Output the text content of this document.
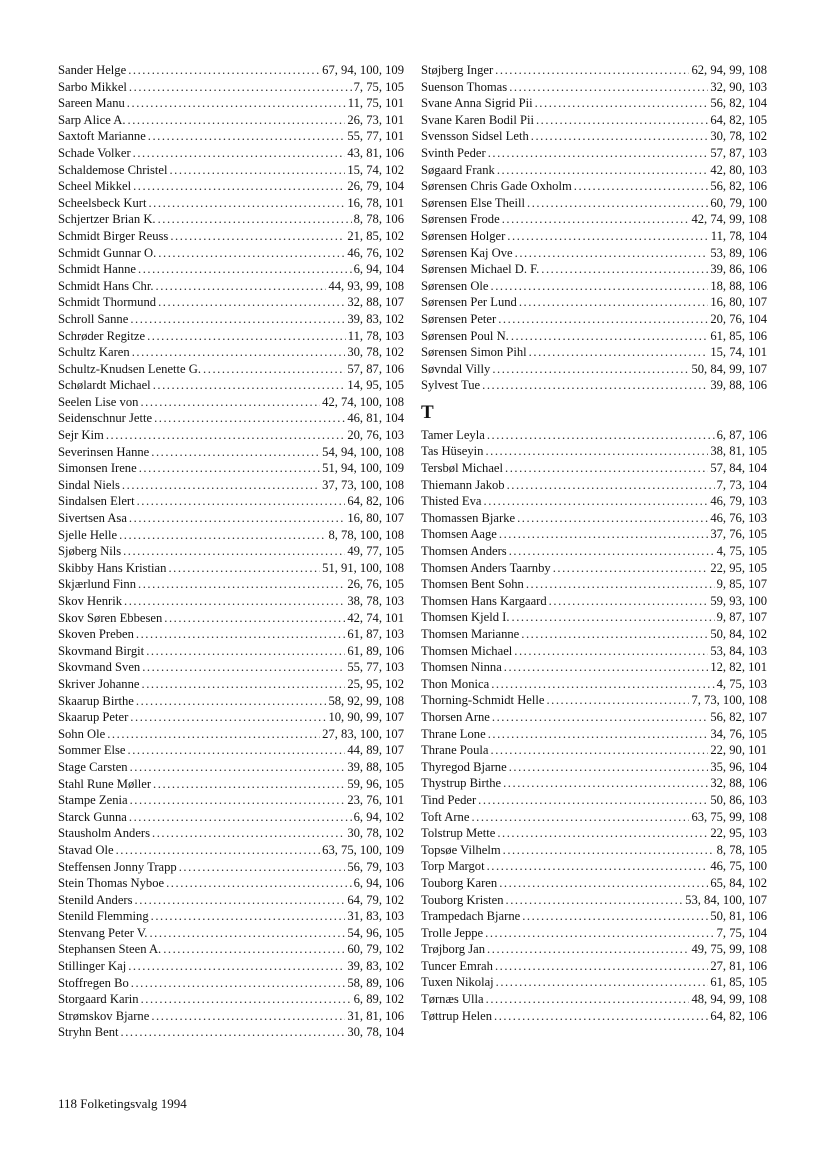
Sander Helge . . .	67, 94, 100, 109
Sarbo Mikkel . . .	7, 75, 105
Sareen Manu . . .	11, 75, 101
Sarp Alice A. . . .	26, 73, 101
Saxtoft Marianne . . .	55, 77, 101
Schade Volker . . .	43, 81, 106
Schaldemose Christel . . .	15, 74, 102
Scheel Mikkel . . .	26, 79, 104
Scheelsbeck Kurt . . .	16, 78, 101
Schjertzer Brian K. . . .	8, 78, 106
Schmidt Birger Reuss . . .	21, 85, 102
Schmidt Gunnar O. . . .	46, 76, 102
Schmidt Hanne . . .	6, 94, 104
Schmidt Hans Chr. . . .	44, 93, 99, 108
Schmidt Thormund . . .	32, 88, 107
Schroll Sanne . . .	39, 83, 102
Schrøder Regitze . . .	11, 78, 103
Schultz Karen . . .	30, 78, 102
Schultz-Knudsen Lenette G. . . .	57, 87, 106
Schølardt Michael . . .	14, 95, 105
Seelen Lise von . . .	42, 74, 100, 108
Seidenschnur Jette . . .	46, 81, 104
Sejr Kim . . .	20, 76, 103
Severinsen Hanne . . .	54, 94, 100, 108
Simonsen Irene . . .	51, 94, 100, 109
Sindal Niels . . .	37, 73, 100, 108
Sindalsen Elert . . .	64, 82, 106
Sivertsen Asa . . .	16, 80, 107
Sjelle Helle . . .	8, 78, 100, 108
Sjøberg Nils . . .	49, 77, 105
Skibby Hans Kristian . . .	51, 91, 100, 108
Skjærlund Finn . . .	26, 76, 105
Skov Henrik . . .	38, 78, 103
Skov Søren Ebbesen . . .	42, 74, 101
Skoven Preben . . .	61, 87, 103
Skovmand Birgit . . .	61, 89, 106
Skovmand Sven . . .	55, 77, 103
Skriver Johanne . . .	25, 95, 102
Skaarup Birthe . . .	58, 92, 99, 108
Skaarup Peter . . .	10, 90, 99, 107
Sohn Ole . . .	27, 83, 100, 107
Sommer Else . . .	44, 89, 107
Stage Carsten . . .	39, 88, 105
Stahl Rune Møller . . .	59, 96, 105
Stampe Zenia . . .	23, 76, 101
Starck Gunna . . .	6, 94, 102
Stausholm Anders . . .	30, 78, 102
Stavad Ole . . .	63, 75, 100, 109
Steffensen Jonny Trapp . . .	56, 79, 103
Stein Thomas Nyboe . . .	6, 94, 106
Stenild Anders . . .	64, 79, 102
Stenild Flemming . . .	31, 83, 103
Stenvang Peter V. . . .	54, 96, 105
Stephansen Steen A. . . .	60, 79, 102
Stillinger Kaj . . .	39, 83, 102
Stoffregen Bo . . .	58, 89, 106
Storgaard Karin . . .	6, 89, 102
Strømskov Bjarne . . .	31, 81, 106
Stryhn Bent . . .	30, 78, 104
Støjberg Inger . . .	62, 94, 99, 108
Suenson Thomas . . .	32, 90, 103
Svane Anna Sigrid Pii . . .	56, 82, 104
Svane Karen Bodil Pii . . .	64, 82, 105
Svensson Sidsel Leth . . .	30, 78, 102
Svinth Peder . . .	57, 87, 103
Søgaard Frank . . .	42, 80, 103
Sørensen Chris Gade Oxholm . . .	56, 82, 106
Sørensen Else Theill . . .	60, 79, 100
Sørensen Frode . . .	42, 74, 99, 108
Sørensen Holger . . .	11, 78, 104
Sørensen Kaj Ove . . .	53, 89, 106
Sørensen Michael D. F. . . .	39, 86, 106
Sørensen Ole . . .	18, 88, 106
Sørensen Per Lund . . .	16, 80, 107
Sørensen Peter . . .	20, 76, 104
Sørensen Poul N. . . .	61, 85, 106
Sørensen Simon Pihl . . .	15, 74, 101
Søvndal Villy . . .	50, 84, 99, 107
Sylvest Tue . . .	39, 88, 106
T
Tamer Leyla . . .	6, 87, 106
Tas Hüseyin . . .	38, 81, 105
Tersbøl Michael . . .	57, 84, 104
Thiemann Jakob . . .	7, 73, 104
Thisted Eva . . .	46, 79, 103
Thomassen Bjarke . . .	46, 76, 103
Thomsen Aage . . .	37, 76, 105
Thomsen Anders . . .	4, 75, 105
Thomsen Anders Taarnby . . .	22, 95, 105
Thomsen Bent Sohn . . .	9, 85, 107
Thomsen Hans Kargaard . . .	59, 93, 100
Thomsen Kjeld I. . . .	9, 87, 107
Thomsen Marianne . . .	50, 84, 102
Thomsen Michael . . .	53, 84, 103
Thomsen Ninna . . .	12, 82, 101
Thon Monica . . .	4, 75, 103
Thorning-Schmidt Helle . . .	7, 73, 100, 108
Thorsen Arne . . .	56, 82, 107
Thrane Lone . . .	34, 76, 105
Thrane Poula . . .	22, 90, 101
Thyregod Bjarne . . .	35, 96, 104
Thystrup Birthe . . .	32, 88, 106
Tind Peder . . .	50, 86, 103
Toft Arne . . .	63, 75, 99, 108
Tolstrup Mette . . .	22, 95, 103
Topsøe Vilhelm . . .	8, 78, 105
Torp Margot . . .	46, 75, 100
Touborg Karen . . .	65, 84, 102
Touborg Kristen . . .	53, 84, 100, 107
Trampedach Bjarne . . .	50, 81, 106
Trolle Jeppe . . .	7, 75, 104
Trøjborg Jan . . .	49, 75, 99, 108
Tuncer Emrah . . .	27, 81, 106
Tuxen Nikolaj . . .	61, 85, 105
Tørnæs Ulla . . .	48, 94, 99, 108
Tøttrup Helen . . .	64, 82, 106
118 Folketingsvalg 1994
